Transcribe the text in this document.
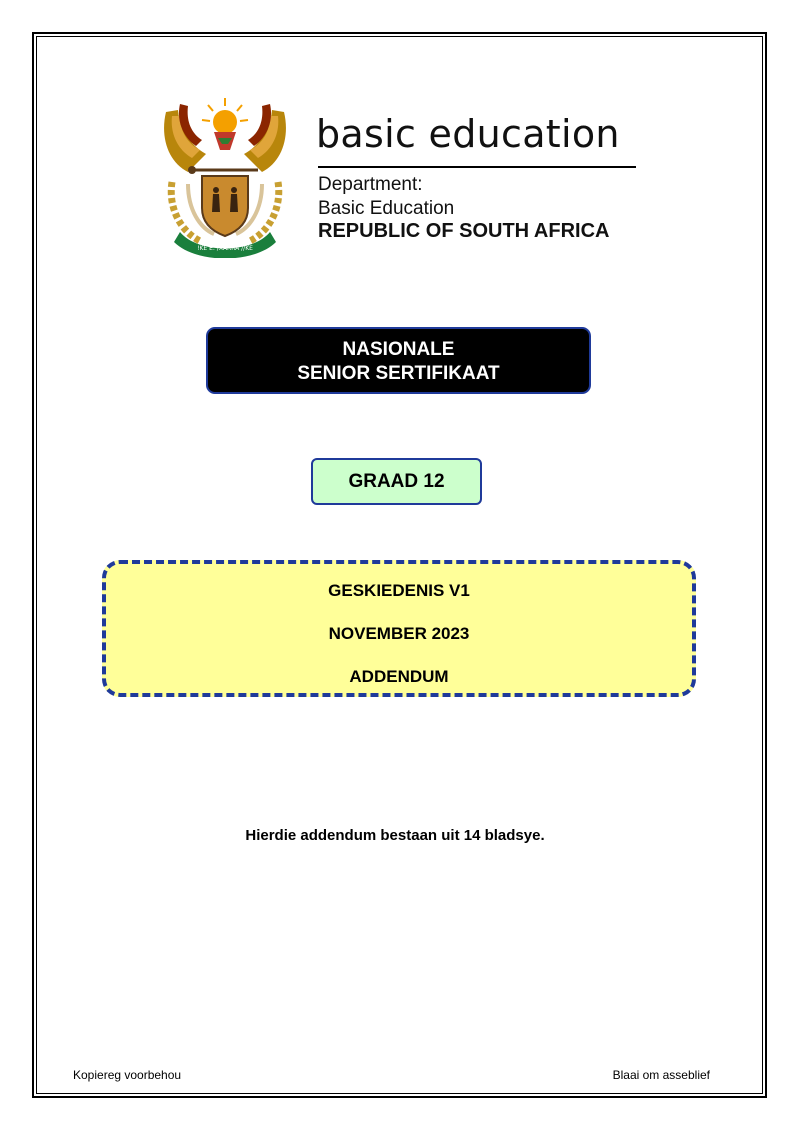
!KE E: /XARRA //KE
basic education
Department:
Basic Education
REPUBLIC OF SOUTH AFRICA
NASIONALE
SENIOR SERTIFIKAAT
GRAAD 12
GESKIEDENIS V1
NOVEMBER 2023
ADDENDUM
Hierdie addendum bestaan uit 14 bladsye.
Kopiereg voorbehou	Blaai om asseblief
